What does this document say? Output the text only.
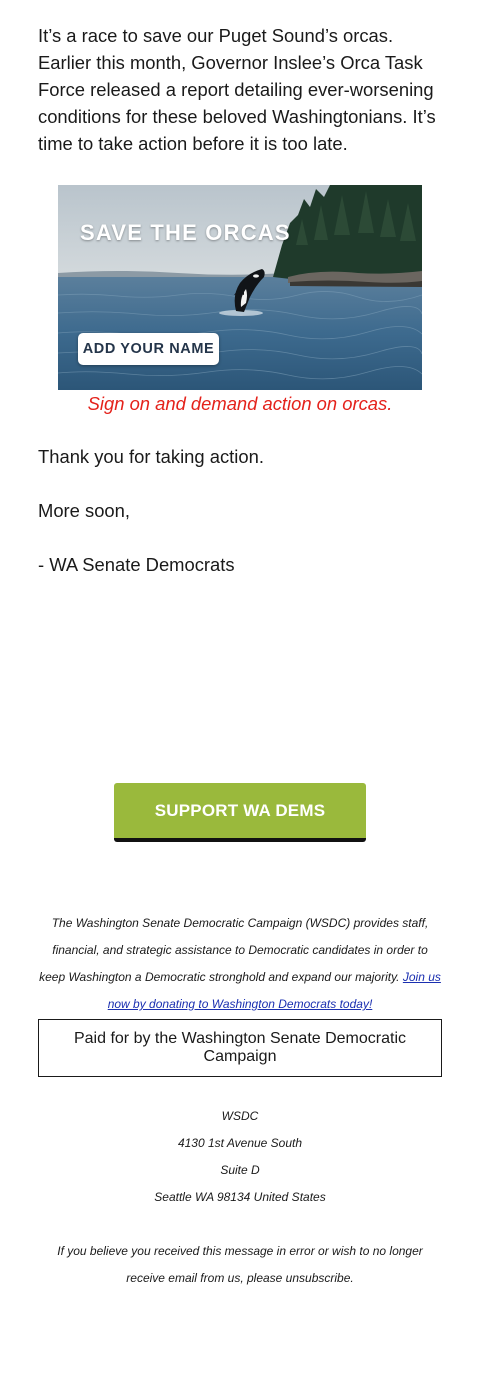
It’s a race to save our Puget Sound’s orcas. Earlier this month, Governor Inslee’s Orca Task Force released a report detailing ever-worsening conditions for these beloved Washingtonians. It’s time to take action before it is too late.

SAVE THE ORCAS
ADD YOUR NAME
Sign on and demand action on orcas.
Thank you for taking action.
More soon,
- WA Senate Democrats
SUPPORT WA DEMS

The Washington Senate Democratic Campaign (WSDC) provides staff, financial, and strategic assistance to Democratic candidates in order to keep Washington a Democratic stronghold and expand our majority. Join us now by donating to Washington Democrats today!

Paid for by the Washington Senate Democratic Campaign
WSDC
4130 1st Avenue South
Suite D
Seattle WA 98134 United States

If you believe you received this message in error or wish to no longer receive email from us, please unsubscribe.
